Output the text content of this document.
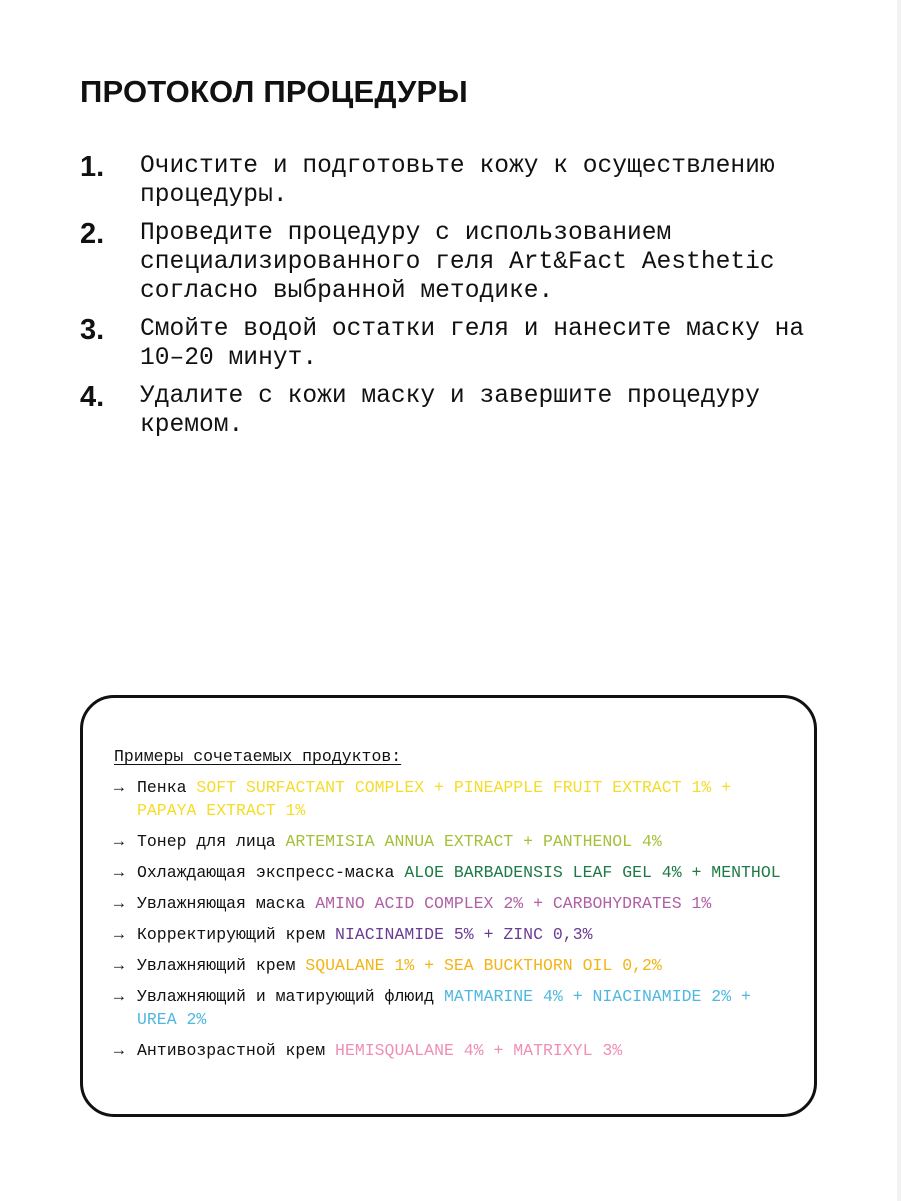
ПРОТОКОЛ ПРОЦЕДУРЫ
1.	Очистите и подготовьте кожу к осуществлению процедуры.
2.	Проведите процедуру с использованием специализированного геля Art&Fact Aesthetic согласно выбранной методике.
3.	Смойте водой остатки геля и нанесите маску на 10–20 минут.
4.	Удалите с кожи маску и завершите процедуру кремом.
Примеры сочетаемых продуктов:
→ Пенка SOFT SURFACTANT COMPLEX + PINEAPPLE FRUIT EXTRACT 1% + PAPAYA EXTRACT 1%
→ Тонер для лица ARTEMISIA ANNUA EXTRACT + PANTHENOL 4%
→ Охлаждающая экспресс-маска ALOE BARBADENSIS LEAF GEL 4% + MENTHOL
→ Увлажняющая маска AMINO ACID COMPLEX 2% + CARBOHYDRATES 1%
→ Корректирующий крем NIACINAMIDE 5% + ZINC 0,3%
→ Увлажняющий крем SQUALANE 1% + SEA BUCKTHORN OIL 0,2%
→ Увлажняющий и матирующий флюид MATMARINE 4% + NIACINAMIDE 2% + UREA 2%
→ Антивозрастной крем HEMISQUALANE 4% + MATRIXYL 3%
